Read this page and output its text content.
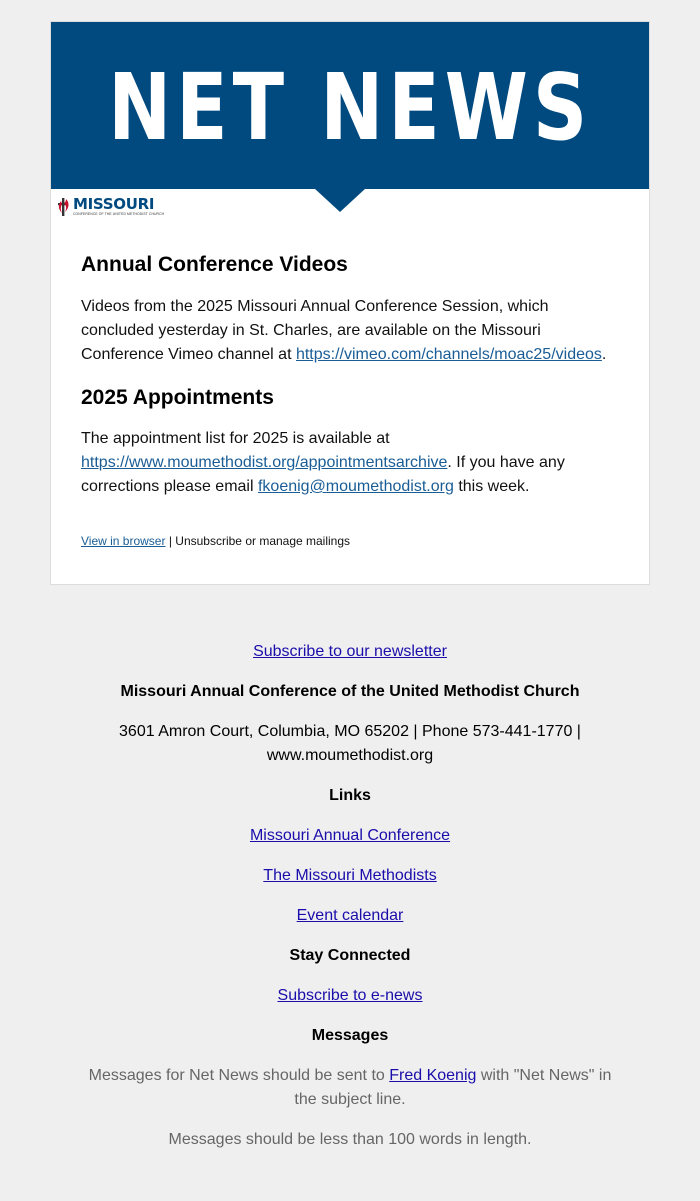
NET NEWS
MISSOURI
CONFERENCE OF THE UNITED METHODIST CHURCH
Annual Conference Videos

Videos from the 2025 Missouri Annual Conference Session, which concluded yesterday in St. Charles, are available on the Missouri Conference Vimeo channel at https://vimeo.com/channels/moac25/videos.

2025 Appointments

The appointment list for 2025 is available at https://www.moumethodist.org/appointmentsarchive. If you have any corrections please email fkoenig@moumethodist.org this week.

View in browser | Unsubscribe or manage mailings

Subscribe to our newsletter

Missouri Annual Conference of the United Methodist Church

3601 Amron Court, Columbia, MO 65202 | Phone 573-441-1770 | www.moumethodist.org

Links

Missouri Annual Conference

The Missouri Methodists

Event calendar

Stay Connected

Subscribe to e-news

Messages

Messages for Net News should be sent to Fred Koenig with "Net News" in the subject line.

Messages should be less than 100 words in length.
